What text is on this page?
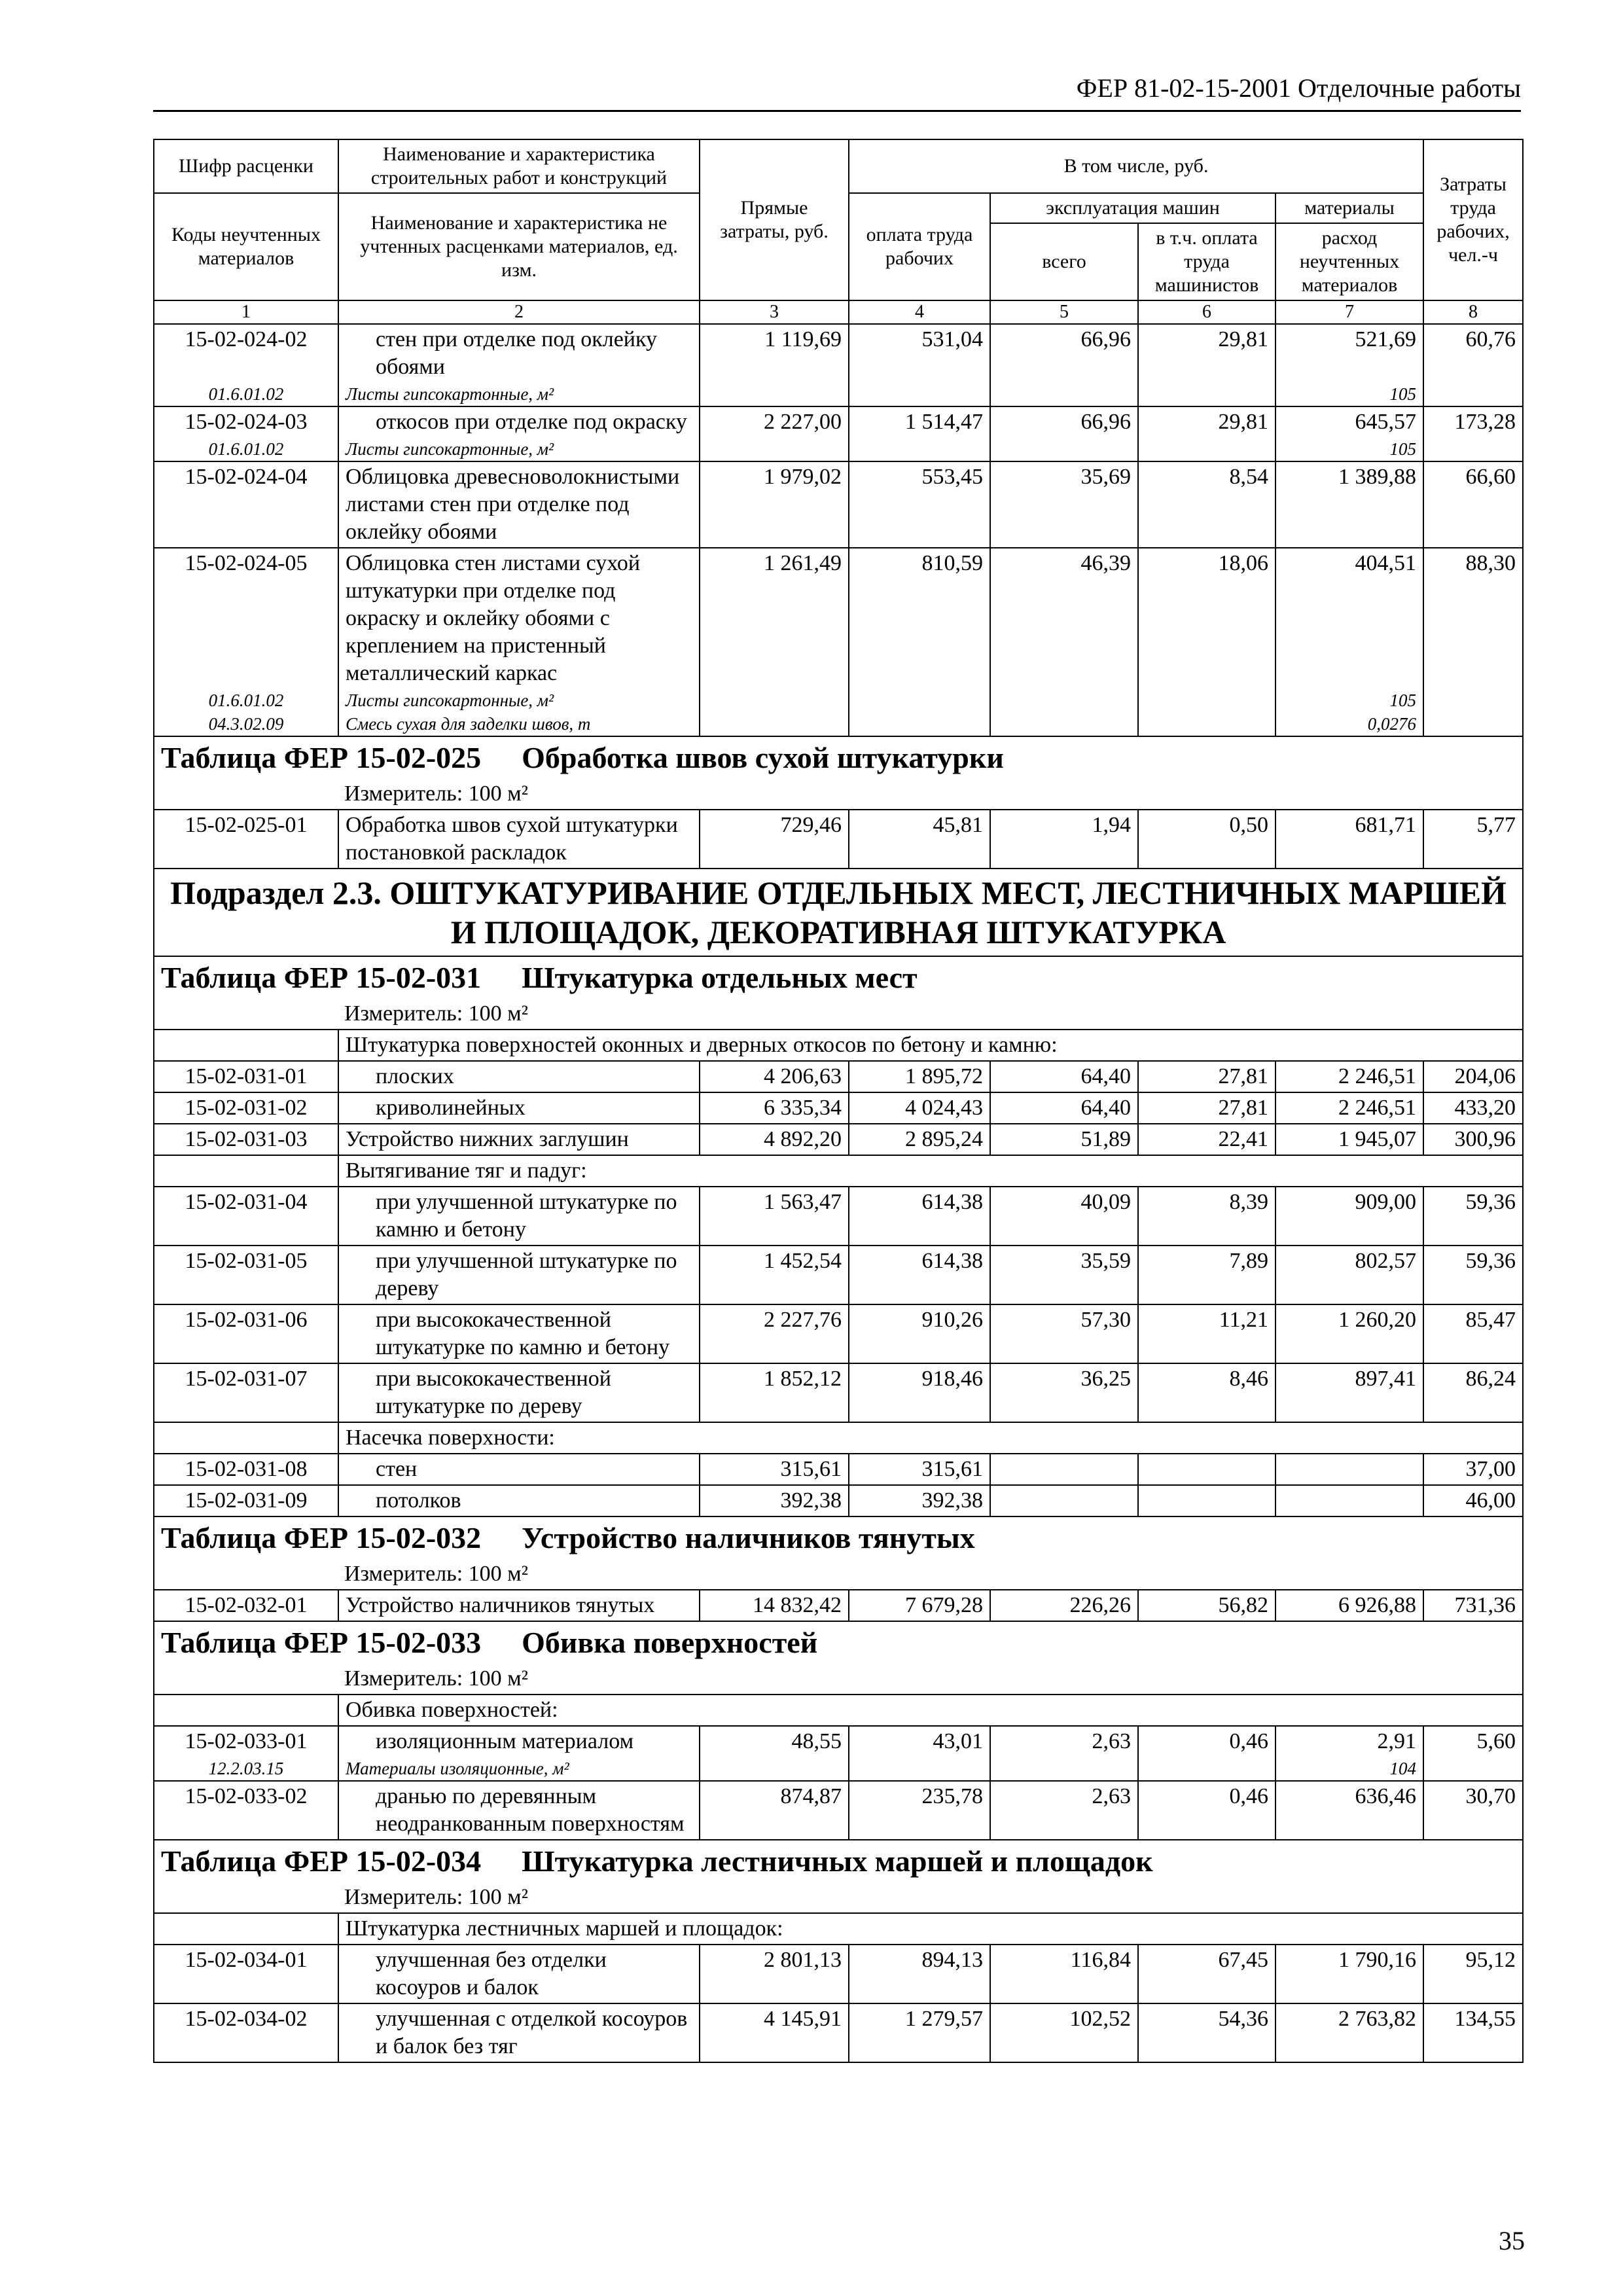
ФЕР 81-02-15-2001 Отделочные работы
Шифр расценки	Наименование и характеристика строительных работ и конструкций	Прямые затраты, руб.	В том числе, руб.				Затраты труда рабочих, чел.-ч
Коды неучтенных материалов	Наименование и характеристика не учтенных расценками материалов, ед. изм.						
			оплата труда рабочих	эксплуатация машин		материалы	
				всего	в т.ч. оплата труда машинистов	расход неучтенных материалов	
1	2	3	4	5	6	7	8
15-02-024-02	стен при отделке под оклейку обоями	1 119,69	531,04	66,96	29,81	521,69	60,76
01.6.01.02	Листы гипсокартонные, м²					105	
15-02-024-03	откосов при отделке под окраску	2 227,00	1 514,47	66,96	29,81	645,57	173,28
01.6.01.02	Листы гипсокартонные, м²					105	
15-02-024-04	Облицовка древесноволокнистыми листами стен при отделке под оклейку обоями	1 979,02	553,45	35,69	8,54	1 389,88	66,60
15-02-024-05	Облицовка стен листами сухой штукатурки при отделке под окраску и оклейку обоями с креплением на пристенный металлический каркас	1 261,49	810,59	46,39	18,06	404,51	88,30
01.6.01.02	Листы гипсокартонные, м²					105	
04.3.02.09	Смесь сухая для заделки швов, т					0,0276	
Таблица ФЕР 15-02-025 Обработка швов сухой штукатурки							
Измеритель: 100 м²							
15-02-025-01	Обработка швов сухой штукатурки постановкой раскладок	729,46	45,81	1,94	0,50	681,71	5,77
Подраздел 2.3. ОШТУКАТУРИВАНИЕ ОТДЕЛЬНЫХ МЕСТ, ЛЕСТНИЧНЫХ МАРШЕЙ И ПЛОЩАДОК, ДЕКОРАТИВНАЯ ШТУКАТУРКА							
Таблица ФЕР 15-02-031 Штукатурка отдельных мест							
Измеритель: 100 м²							
	Штукатурка поверхностей оконных и дверных откосов по бетону и камню:						
15-02-031-01	плоских	4 206,63	1 895,72	64,40	27,81	2 246,51	204,06
15-02-031-02	криволинейных	6 335,34	4 024,43	64,40	27,81	2 246,51	433,20
15-02-031-03	Устройство нижних заглушин	4 892,20	2 895,24	51,89	22,41	1 945,07	300,96
	Вытягивание тяг и падуг:						
15-02-031-04	при улучшенной штукатурке по камню и бетону	1 563,47	614,38	40,09	8,39	909,00	59,36
15-02-031-05	при улучшенной штукатурке по дереву	1 452,54	614,38	35,59	7,89	802,57	59,36
15-02-031-06	при высококачественной штукатурке по камню и бетону	2 227,76	910,26	57,30	11,21	1 260,20	85,47
15-02-031-07	при высококачественной штукатурке по дереву	1 852,12	918,46	36,25	8,46	897,41	86,24
	Насечка поверхности:						
15-02-031-08	стен	315,61	315,61				37,00
15-02-031-09	потолков	392,38	392,38				46,00
Таблица ФЕР 15-02-032 Устройство наличников тянутых							
Измеритель: 100 м²							
15-02-032-01	Устройство наличников тянутых	14 832,42	7 679,28	226,26	56,82	6 926,88	731,36
Таблица ФЕР 15-02-033 Обивка поверхностей							
Измеритель: 100 м²							
	Обивка поверхностей:						
15-02-033-01	изоляционным материалом	48,55	43,01	2,63	0,46	2,91	5,60
12.2.03.15	Материалы изоляционные, м²					104	
15-02-033-02	дранью по деревянным неодранкованным поверхностям	874,87	235,78	2,63	0,46	636,46	30,70
Таблица ФЕР 15-02-034 Штукатурка лестничных маршей и площадок							
Измеритель: 100 м²							
	Штукатурка лестничных маршей и площадок:						
15-02-034-01	улучшенная без отделки косоуров и балок	2 801,13	894,13	116,84	67,45	1 790,16	95,12
15-02-034-02	улучшенная с отделкой косоуров и балок без тяг	4 145,91	1 279,57	102,52	54,36	2 763,82	134,55
35
